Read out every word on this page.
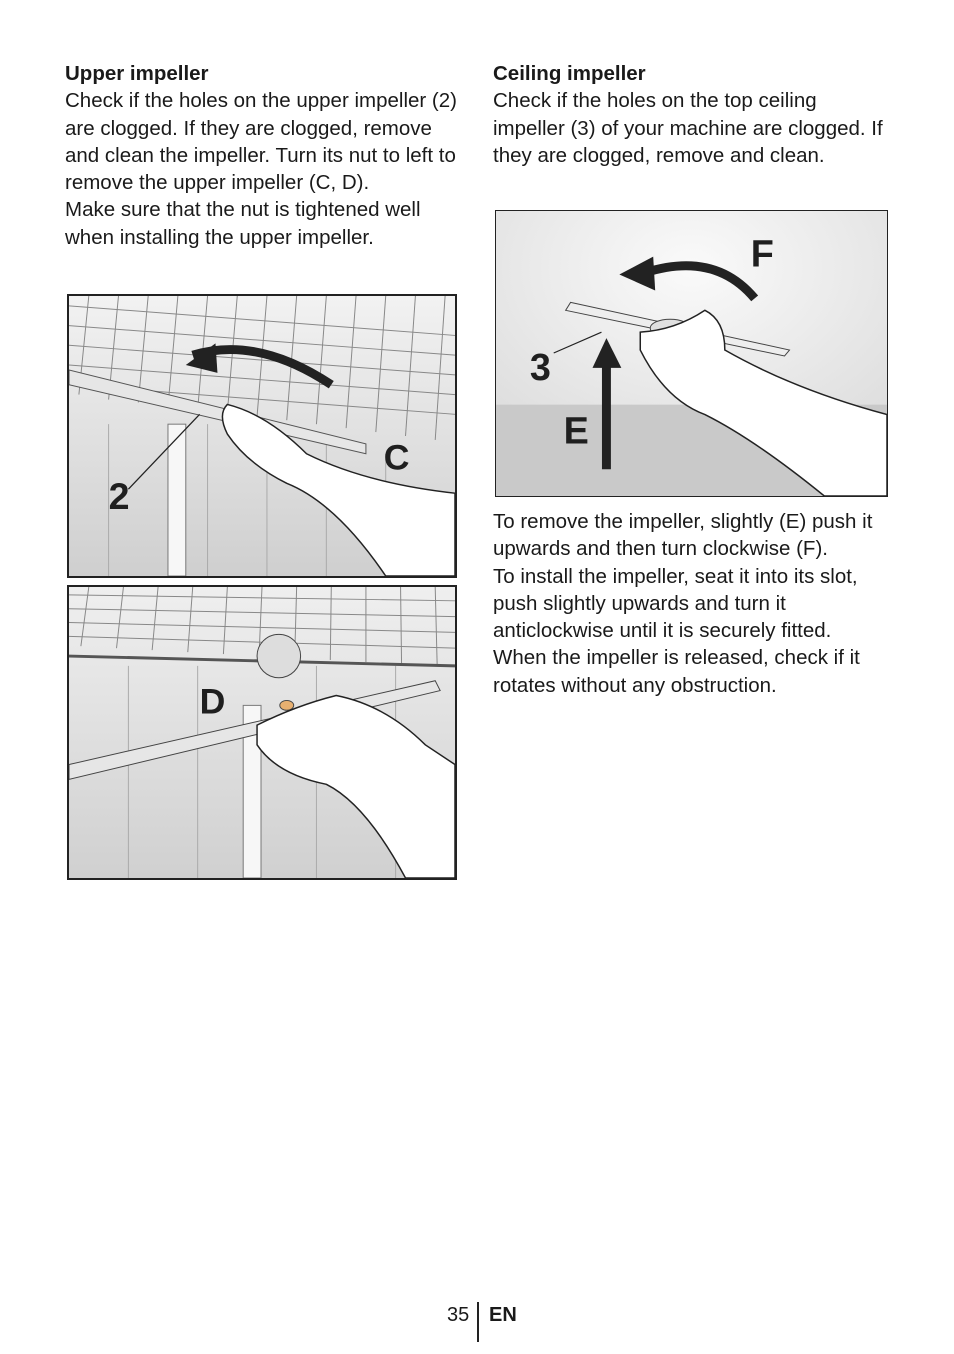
Upper impeller
Check if the holes on the upper impeller (2) are clogged. If they are clogged, remove and clean the impeller. Turn its nut to left to remove the upper impeller (C, D).
Make sure that the nut is tightened well when installing the upper impeller.
Ceiling impeller
Check if the holes on the top ceiling impeller (3) of your machine are clogged. If they are clogged, remove and clean.
C
2
D
F
3
E
To remove the impeller, slightly (E) push it upwards and then turn clockwise (F).
To install the impeller, seat it into its slot, push slightly upwards and turn it anticlockwise until it is securely fitted.
When the impeller is released, check if it rotates without any obstruction.
35 EN
